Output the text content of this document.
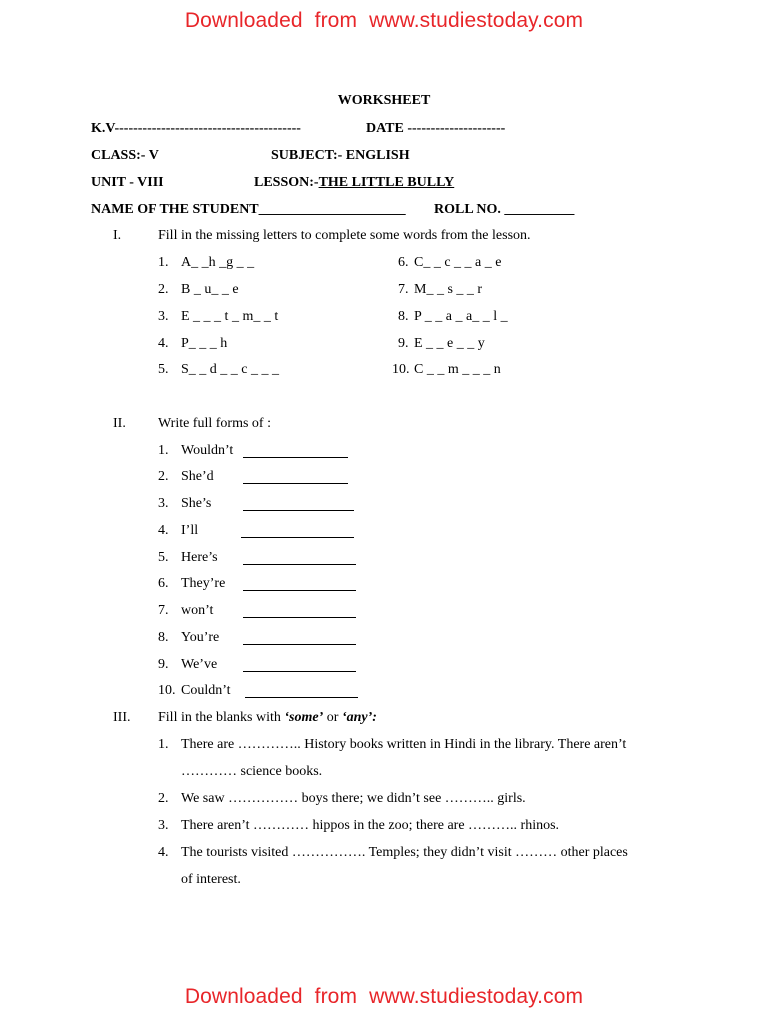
Downloaded from www.studiestoday.com
WORKSHEET
K.V----------------------------------------	DATE ---------------------
CLASS:- V	SUBJECT:- ENGLISH
UNIT - VIII	LESSON:-THE LITTLE BULLY
NAME OF THE STUDENT_____________________ ROLL NO. __________
I.	Fill in the missing letters to complete some words from the lesson.
1. A_ _h _g _ _
2. B _ u_ _ e
3. E _ _ _ t _ m_ _ t
4. P_ _ _ h
5. S_ _ d _ _ c _ _ _
6. C_ _ c _ _ a _ e
7. M_ _ s _ _ r
8. P _ _ a _ a_ _ l _
9. E _ _ e _ _ y
10. C _ _ m _ _ _ n
II. Write full forms of :
1. Wouldn’t
2. She’d
3. She’s
4. I’ll
5. Here’s
6. They’re
7. won’t
8. You’re
9. We’ve
10. Couldn’t
III. Fill in the blanks with ‘some’ or ‘any’:
1. There are ………….. History books written in Hindi in the library. There aren’t
………… science books.
2. We saw …………… boys there; we didn’t see ……….. girls.
3. There aren’t ………… hippos in the zoo; there are ……….. rhinos.
4. The tourists visited ……………. Temples; they didn’t visit ……… other places
of interest.
Downloaded from www.studiestoday.com
